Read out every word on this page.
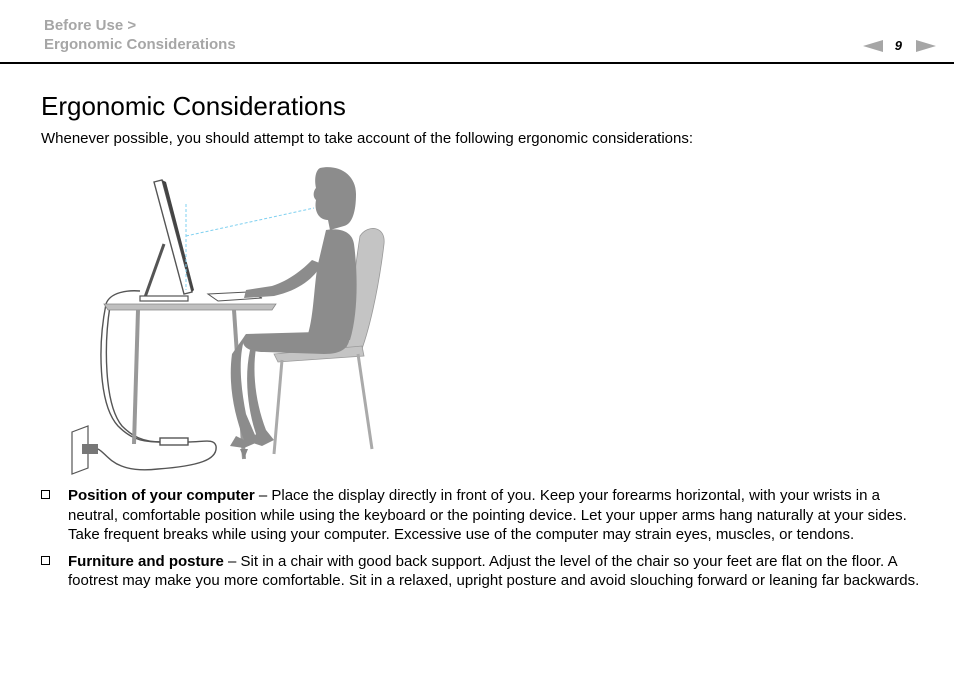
Before Use >
Ergonomic Considerations	9
Ergonomic Considerations

Whenever possible, you should attempt to take account of the following ergonomic considerations:

Position of your computer – Place the display directly in front of you. Keep your forearms horizontal, with your wrists in a neutral, comfortable position while using the keyboard or the pointing device. Let your upper arms hang naturally at your sides. Take frequent breaks while using your computer. Excessive use of the computer may strain eyes, muscles, or tendons.
Furniture and posture – Sit in a chair with good back support. Adjust the level of the chair so your feet are flat on the floor. A footrest may make you more comfortable. Sit in a relaxed, upright posture and avoid slouching forward or leaning far backwards.
